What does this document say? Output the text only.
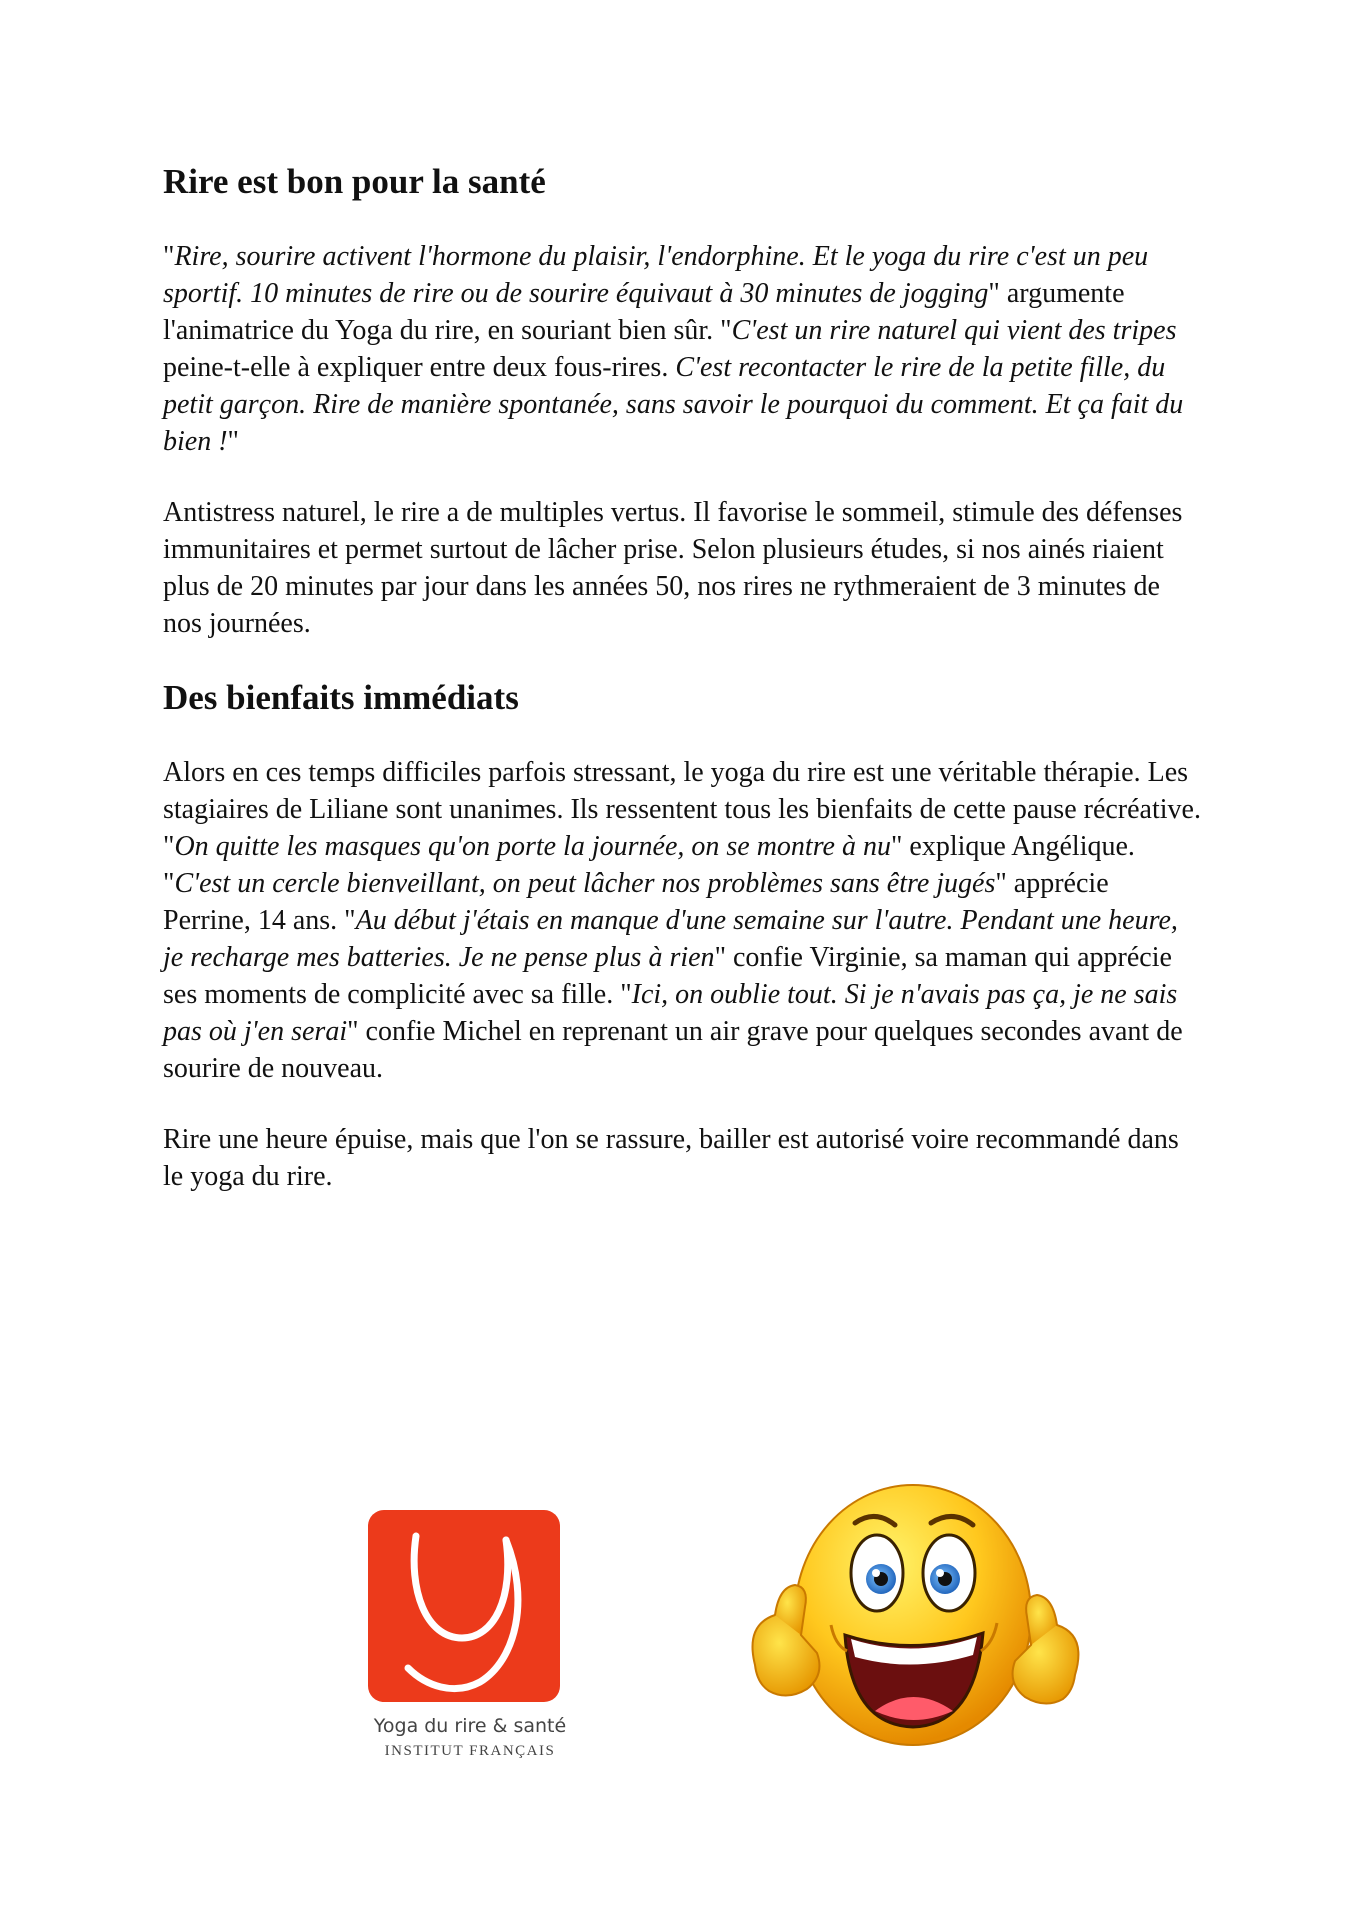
Rire est bon pour la santé

"Rire, sourire activent l'hormone du plaisir, l'endorphine. Et le yoga du rire c'est un peu sportif. 10 minutes de rire ou de sourire équivaut à 30 minutes de jogging" argumente l'animatrice du Yoga du rire, en souriant bien sûr. "C'est un rire naturel qui vient des tripes peine-t-elle à expliquer entre deux fous-rires. C'est recontacter le rire de la petite fille, du petit garçon. Rire de manière spontanée, sans savoir le pourquoi du comment. Et ça fait du bien !"

Antistress naturel, le rire a de multiples vertus. Il favorise le sommeil, stimule des défenses immunitaires et permet surtout de lâcher prise. Selon plusieurs études, si nos ainés riaient plus de 20 minutes par jour dans les années 50, nos rires ne rythmeraient de 3 minutes de nos journées.

Des bienfaits immédiats

Alors en ces temps difficiles parfois stressant, le yoga du rire est une véritable thérapie. Les stagiaires de Liliane sont unanimes. Ils ressentent tous les bienfaits de cette pause récréative. "On quitte les masques qu'on porte la journée, on se montre à nu" explique Angélique. "C'est un cercle bienveillant, on peut lâcher nos problèmes sans être jugés" apprécie Perrine, 14 ans. "Au début j'étais en manque d'une semaine sur l'autre. Pendant une heure, je recharge mes batteries. Je ne pense plus à rien" confie Virginie, sa maman qui apprécie ses moments de complicité avec sa fille. "Ici, on oublie tout. Si je n'avais pas ça, je ne sais pas où j'en serai" confie Michel en reprenant un air grave pour quelques secondes avant de sourire de nouveau.

Rire une heure épuise, mais que l'on se rassure, bailler est autorisé voire recommandé dans le yoga du rire.

Yoga du rire & santé
INSTITUT FRANÇAIS
